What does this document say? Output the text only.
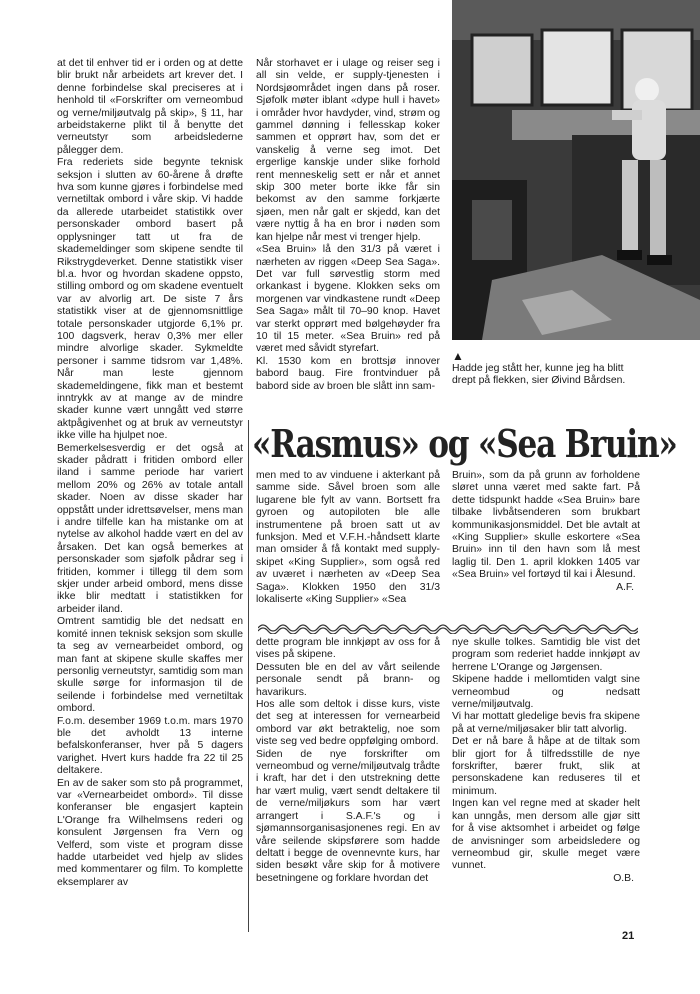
at det til enhver tid er i orden og at dette blir brukt når arbeidets art krever det. I denne forbindelse skal preciseres at i henhold til «Forskrifter om verneombud og verne/miljøutvalg på skip», § 11, har arbeidstakerne plikt til å benytte det verneutstyr som arbeidslederne pålegger dem.

Fra rederiets side begynte teknisk seksjon i slutten av 60-årene å drøfte hva som kunne gjøres i forbindelse med vernetiltak ombord i våre skip. Vi hadde da allerede utarbeidet statistikk over personskader ombord basert på opplysninger tatt ut fra de skademeldinger som skipene sendte til Rikstrygdeverket. Denne statistikk viser bl.a. hvor og hvordan skadene oppsto, stilling ombord og om skadene eventuelt var av alvorlig art. De siste 7 års statistikk viser at de gjennomsnittlige totale personskader utgjorde 6,1% pr. 100 dagsverk, herav 0,3% mer eller mindre alvorlige skader. Sykmeldte personer i samme tidsrom var 1,48%. Når man leste gjennom skademeldingene, fikk man et bestemt inntrykk av at mange av de mindre skader kunne vært unngått ved større aktpågivenhet og at bruk av verneutstyr ikke ville ha hjulpet noe.

Bemerkelsesverdig er det også at skader pådratt i fritiden ombord eller iland i samme periode har variert mellom 20% og 26% av totale antall skader. Noen av disse skader har oppstått under idrettsøvelser, mens man i andre tilfelle kan ha mistanke om at nytelse av alkohol hadde vært en del av årsaken. Det kan også bemerkes at personskader som sjøfolk pådrar seg i fritiden, kommer i tillegg til dem som skjer under arbeid ombord, mens disse ikke blir medtatt i statistikken for arbeider iland.

Omtrent samtidig ble det nedsatt en komité innen teknisk seksjon som skulle ta seg av vernearbeidet ombord, og man fant at skipene skulle skaffes mer personlig verneutstyr, samtidig som man skulle sørge for informasjon til de seilende i forbindelse med vernetiltak ombord.

F.o.m. desember 1969 t.o.m. mars 1970 ble det avholdt 13 interne befalskonferanser, hver på 5 dagers varighet. Hvert kurs hadde fra 22 til 25 deltakere.

En av de saker som sto på programmet, var «Vernearbeidet ombord». Til disse konferanser ble engasjert kaptein L'Orange fra Wilhelmsens rederi og konsulent Jørgensen fra Vern og Velferd, som viste et program disse hadde utarbeidet ved hjelp av slides med kommentarer og film. To komplette eksemplarer av

Når storhavet er i ulage og reiser seg i all sin velde, er supply-tjenesten i Nordsjøområdet ingen dans på roser. Sjøfolk møter iblant «dype hull i havet» i områder hvor havdyder, vind, strøm og gammel dønning i fellesskap koker sammen et opprørt hav, som det er vanskelig å verne seg imot. Det ergerlige kanskje under slike forhold rent menneskelig sett er når et annet skip 300 meter borte ikke får sin bekomst av den samme forkjærte sjøen, men når galt er skjedd, kan det være nyttig å ha en bror i nøden som kan hjelpe når mest vi trenger hjelp.

«Sea Bruin» lå den 31/3 på været i nærheten av riggen «Deep Sea Saga». Det var full sørvestlig storm med orkankast i bygene. Klokken seks om morgenen var vindkastene rundt «Deep Sea Saga» målt til 70–90 knop. Havet var sterkt opprørt med bølgehøyder fra 10 til 15 meter. «Sea Bruin» red på været med såvidt styrefart.

Kl. 1530 kom en brottsjø innover babord baug. Fire frontvinduer på babord side av broen ble slått inn sam-

▲
Hadde jeg stått her, kunne jeg ha blitt drept på flekken, sier Øivind Bårdsen.
«Rasmus» og «Sea Bruin»

men med to av vinduene i akterkant på samme side. Såvel broen som alle lugarene ble fylt av vann. Bortsett fra gyroen og autopiloten ble alle instrumentene på broen satt ut av funksjon. Med et V.F.H.-håndsett klarte man omsider å få kontakt med supply-skipet «King Supplier», som også red av uværet i nærheten av «Deep Sea Saga». Klokken 1950 den 31/3 lokaliserte «King Supplier» «Sea

Bruin», som da på grunn av forholdene sløret unna været med sakte fart. På dette tidspunkt hadde «Sea Bruin» bare tilbake livbåtsenderen som brukbart kommunikasjonsmiddel. Det ble avtalt at «King Supplier» skulle eskortere «Sea Bruin» inn til den havn som lå mest laglig til. Den 1. april klokken 1405 var «Sea Bruin» vel fortøyd til kai i Ålesund.

A.F.

dette program ble innkjøpt av oss for å vises på skipene.

Dessuten ble en del av vårt seilende personale sendt på brann- og havarikurs.

Hos alle som deltok i disse kurs, viste det seg at interessen for vernearbeid ombord var økt betraktelig, noe som viste seg ved bedre oppfølging ombord.

Siden de nye forskrifter om verneombud og verne/miljøutvalg trådte i kraft, har det i den utstrekning dette har vært mulig, vært sendt deltakere til de verne/miljøkurs som har vært arrangert i S.A.F.'s og i sjømannsorganisasjonenes regi. En av våre seilende skipsførere som hadde deltatt i begge de ovennevnte kurs, har siden besøkt våre skip for å motivere besetningene og forklare hvordan det

nye skulle tolkes. Samtidig ble vist det program som rederiet hadde innkjøpt av herrene L'Orange og Jørgensen.

Skipene hadde i mellomtiden valgt sine verneombud og nedsatt verne/miljøutvalg.

Vi har mottatt gledelige bevis fra skipene på at verne/miljøsaker blir tatt alvorlig.

Det er nå bare å håpe at de tiltak som blir gjort for å tilfredsstille de nye forskrifter, bærer frukt, slik at personskadene kan reduseres til et minimum.

Ingen kan vel regne med at skader helt kan unngås, men dersom alle gjør sitt for å vise aktsomhet i arbeidet og følge de anvisninger som arbeidsledere og verneombud gir, skulle meget være vunnet.

O.B.

21
